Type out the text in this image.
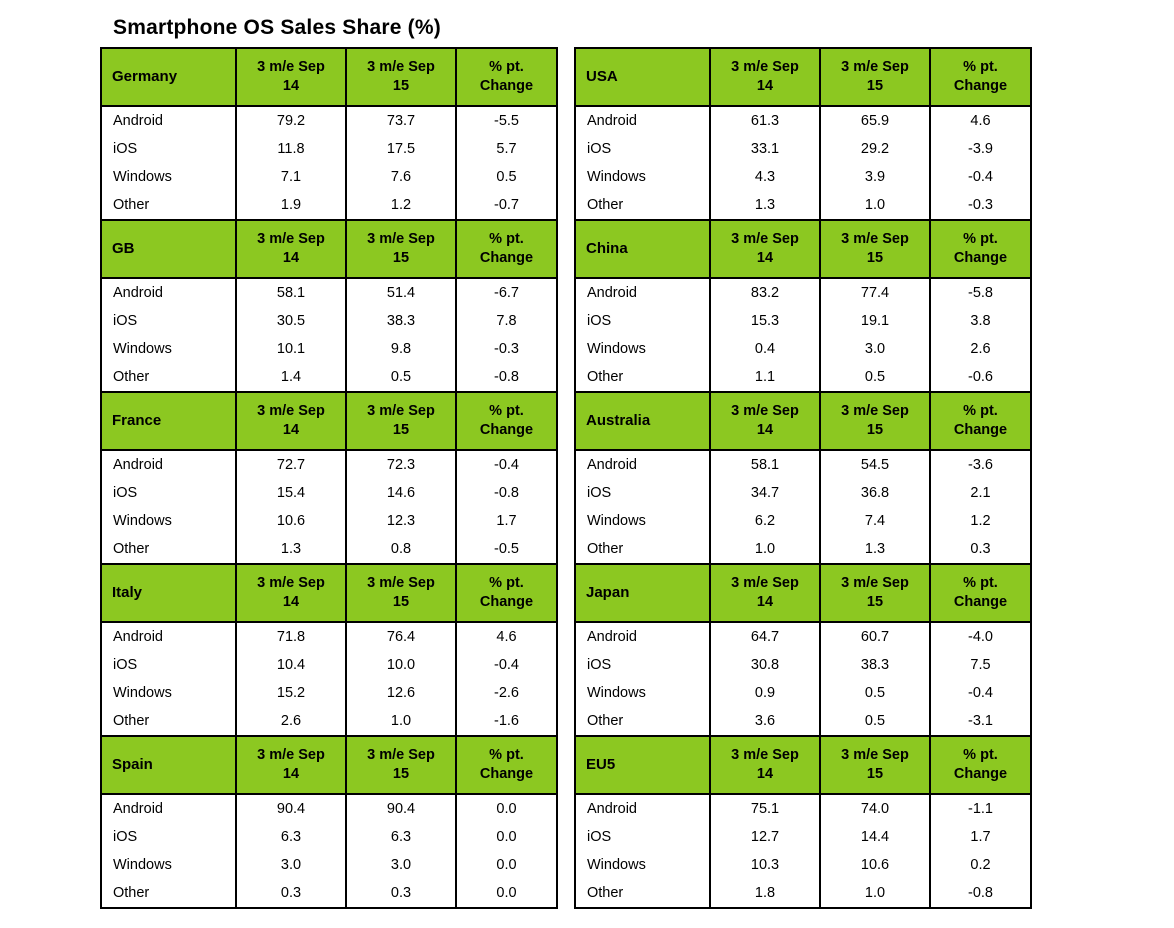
Smartphone OS Sales Share (%)
Germany	3 m/e Sep 14	3 m/e Sep 15	% pt. Change
Android	79.2	73.7	-5.5
iOS	11.8	17.5	5.7
Windows	7.1	7.6	0.5
Other	1.9	1.2	-0.7
GB	3 m/e Sep 14	3 m/e Sep 15	% pt. Change
Android	58.1	51.4	-6.7
iOS	30.5	38.3	7.8
Windows	10.1	9.8	-0.3
Other	1.4	0.5	-0.8
France	3 m/e Sep 14	3 m/e Sep 15	% pt. Change
Android	72.7	72.3	-0.4
iOS	15.4	14.6	-0.8
Windows	10.6	12.3	1.7
Other	1.3	0.8	-0.5
Italy	3 m/e Sep 14	3 m/e Sep 15	% pt. Change
Android	71.8	76.4	4.6
iOS	10.4	10.0	-0.4
Windows	15.2	12.6	-2.6
Other	2.6	1.0	-1.6
Spain	3 m/e Sep 14	3 m/e Sep 15	% pt. Change
Android	90.4	90.4	0.0
iOS	6.3	6.3	0.0
Windows	3.0	3.0	0.0
Other	0.3	0.3	0.0
USA	3 m/e Sep 14	3 m/e Sep 15	% pt. Change
Android	61.3	65.9	4.6
iOS	33.1	29.2	-3.9
Windows	4.3	3.9	-0.4
Other	1.3	1.0	-0.3
China	3 m/e Sep 14	3 m/e Sep 15	% pt. Change
Android	83.2	77.4	-5.8
iOS	15.3	19.1	3.8
Windows	0.4	3.0	2.6
Other	1.1	0.5	-0.6
Australia	3 m/e Sep 14	3 m/e Sep 15	% pt. Change
Android	58.1	54.5	-3.6
iOS	34.7	36.8	2.1
Windows	6.2	7.4	1.2
Other	1.0	1.3	0.3
Japan	3 m/e Sep 14	3 m/e Sep 15	% pt. Change
Android	64.7	60.7	-4.0
iOS	30.8	38.3	7.5
Windows	0.9	0.5	-0.4
Other	3.6	0.5	-3.1
EU5	3 m/e Sep 14	3 m/e Sep 15	% pt. Change
Android	75.1	74.0	-1.1
iOS	12.7	14.4	1.7
Windows	10.3	10.6	0.2
Other	1.8	1.0	-0.8
